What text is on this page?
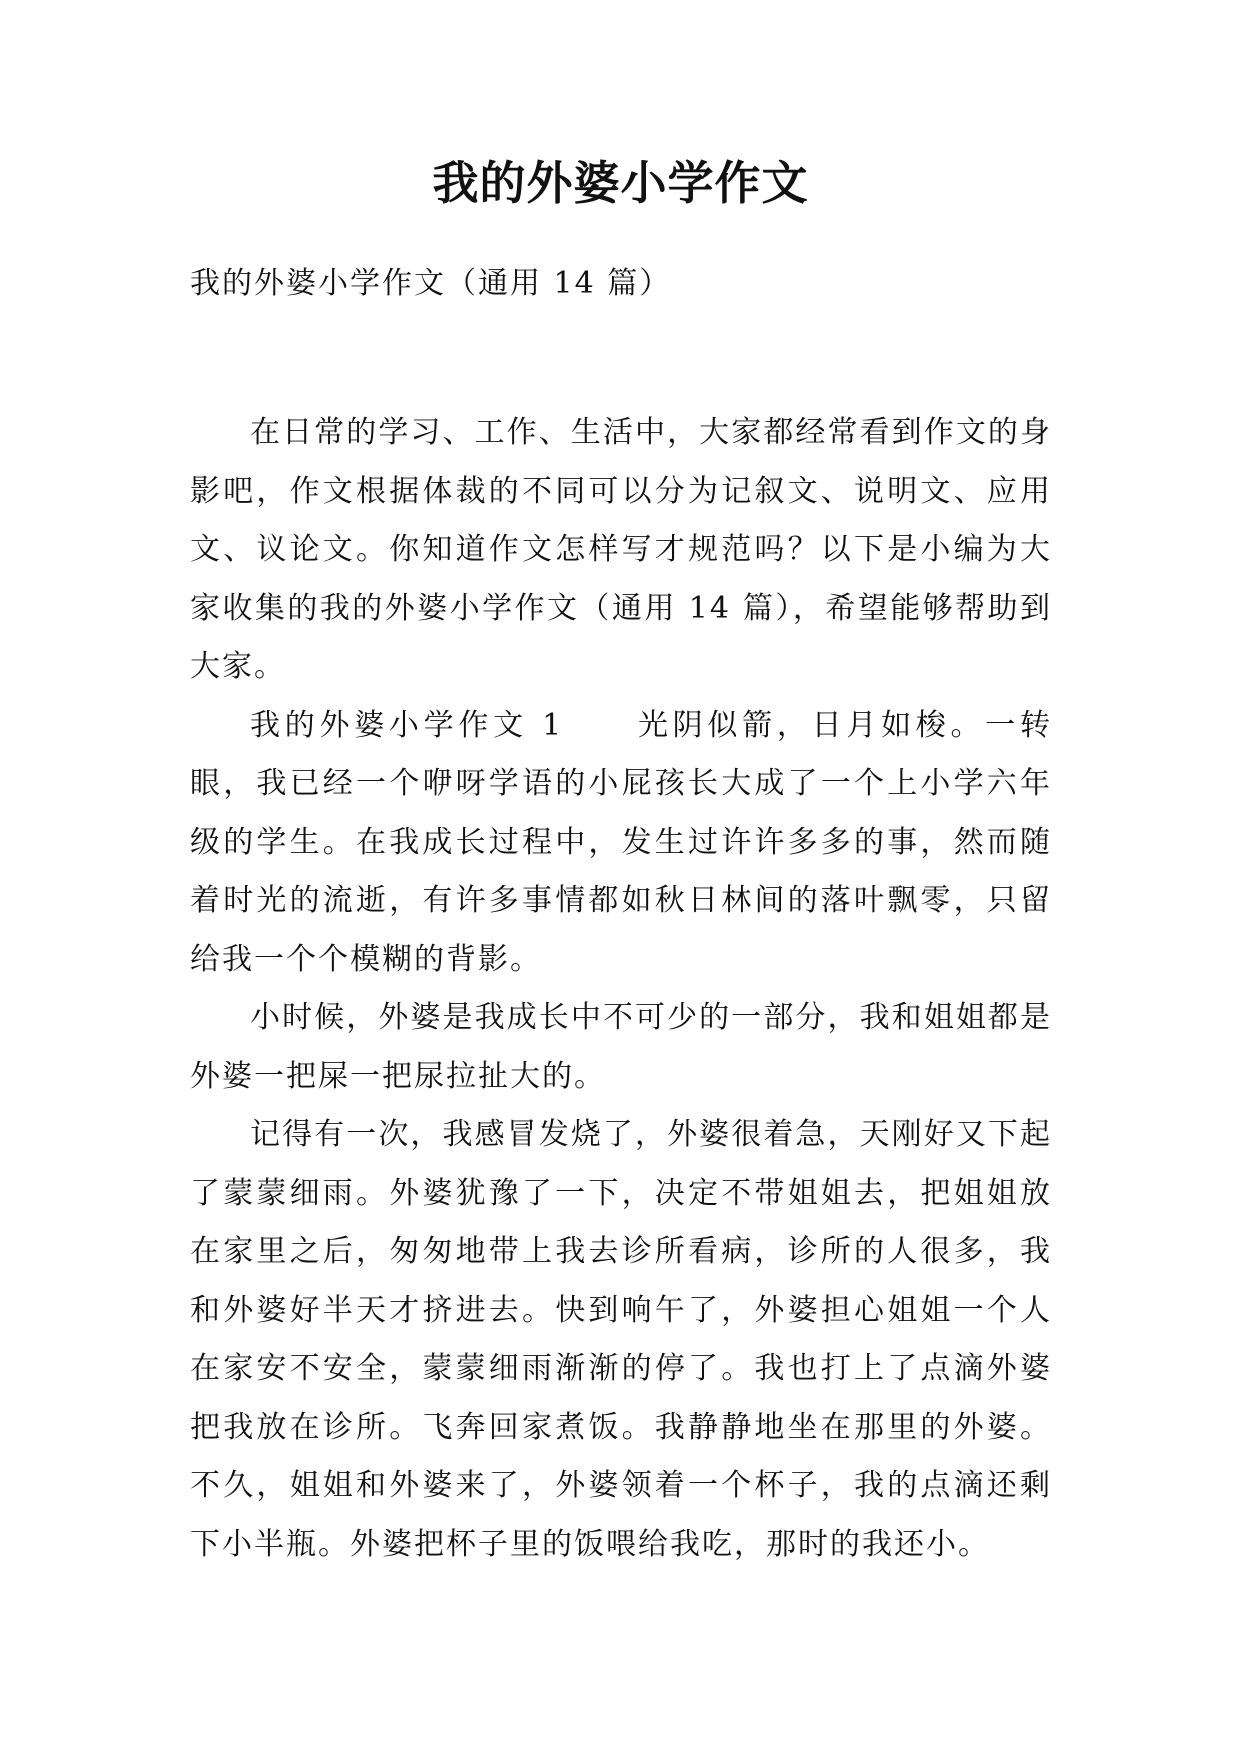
我的外婆小学作文
我的外婆小学作文（通用 14 篇）

在日常的学习、工作、生活中，大家都经常看到作文的身影吧，作文根据体裁的不同可以分为记叙文、说明文、应用文、议论文。你知道作文怎样写才规范吗？以下是小编为大家收集的我的外婆小学作文（通用 14 篇），希望能够帮助到大家。

我的外婆小学作文 1 光阴似箭，日月如梭。一转眼，我已经一个咿呀学语的小屁孩长大成了一个上小学六年级的学生。在我成长过程中，发生过许许多多的事，然而随着时光的流逝，有许多事情都如秋日林间的落叶飘零，只留给我一个个模糊的背影。

小时候，外婆是我成长中不可少的一部分，我和姐姐都是外婆一把屎一把尿拉扯大的。

记得有一次，我感冒发烧了，外婆很着急，天刚好又下起了蒙蒙细雨。外婆犹豫了一下，决定不带姐姐去，把姐姐放在家里之后，匆匆地带上我去诊所看病，诊所的人很多，我和外婆好半天才挤进去。快到响午了，外婆担心姐姐一个人在家安不安全，蒙蒙细雨渐渐的停了。我也打上了点滴外婆把我放在诊所。飞奔回家煮饭。我静静地坐在那里的外婆。不久，姐姐和外婆来了，外婆领着一个杯子，我的点滴还剩下小半瓶。外婆把杯子里的饭喂给我吃，那时的我还小。
